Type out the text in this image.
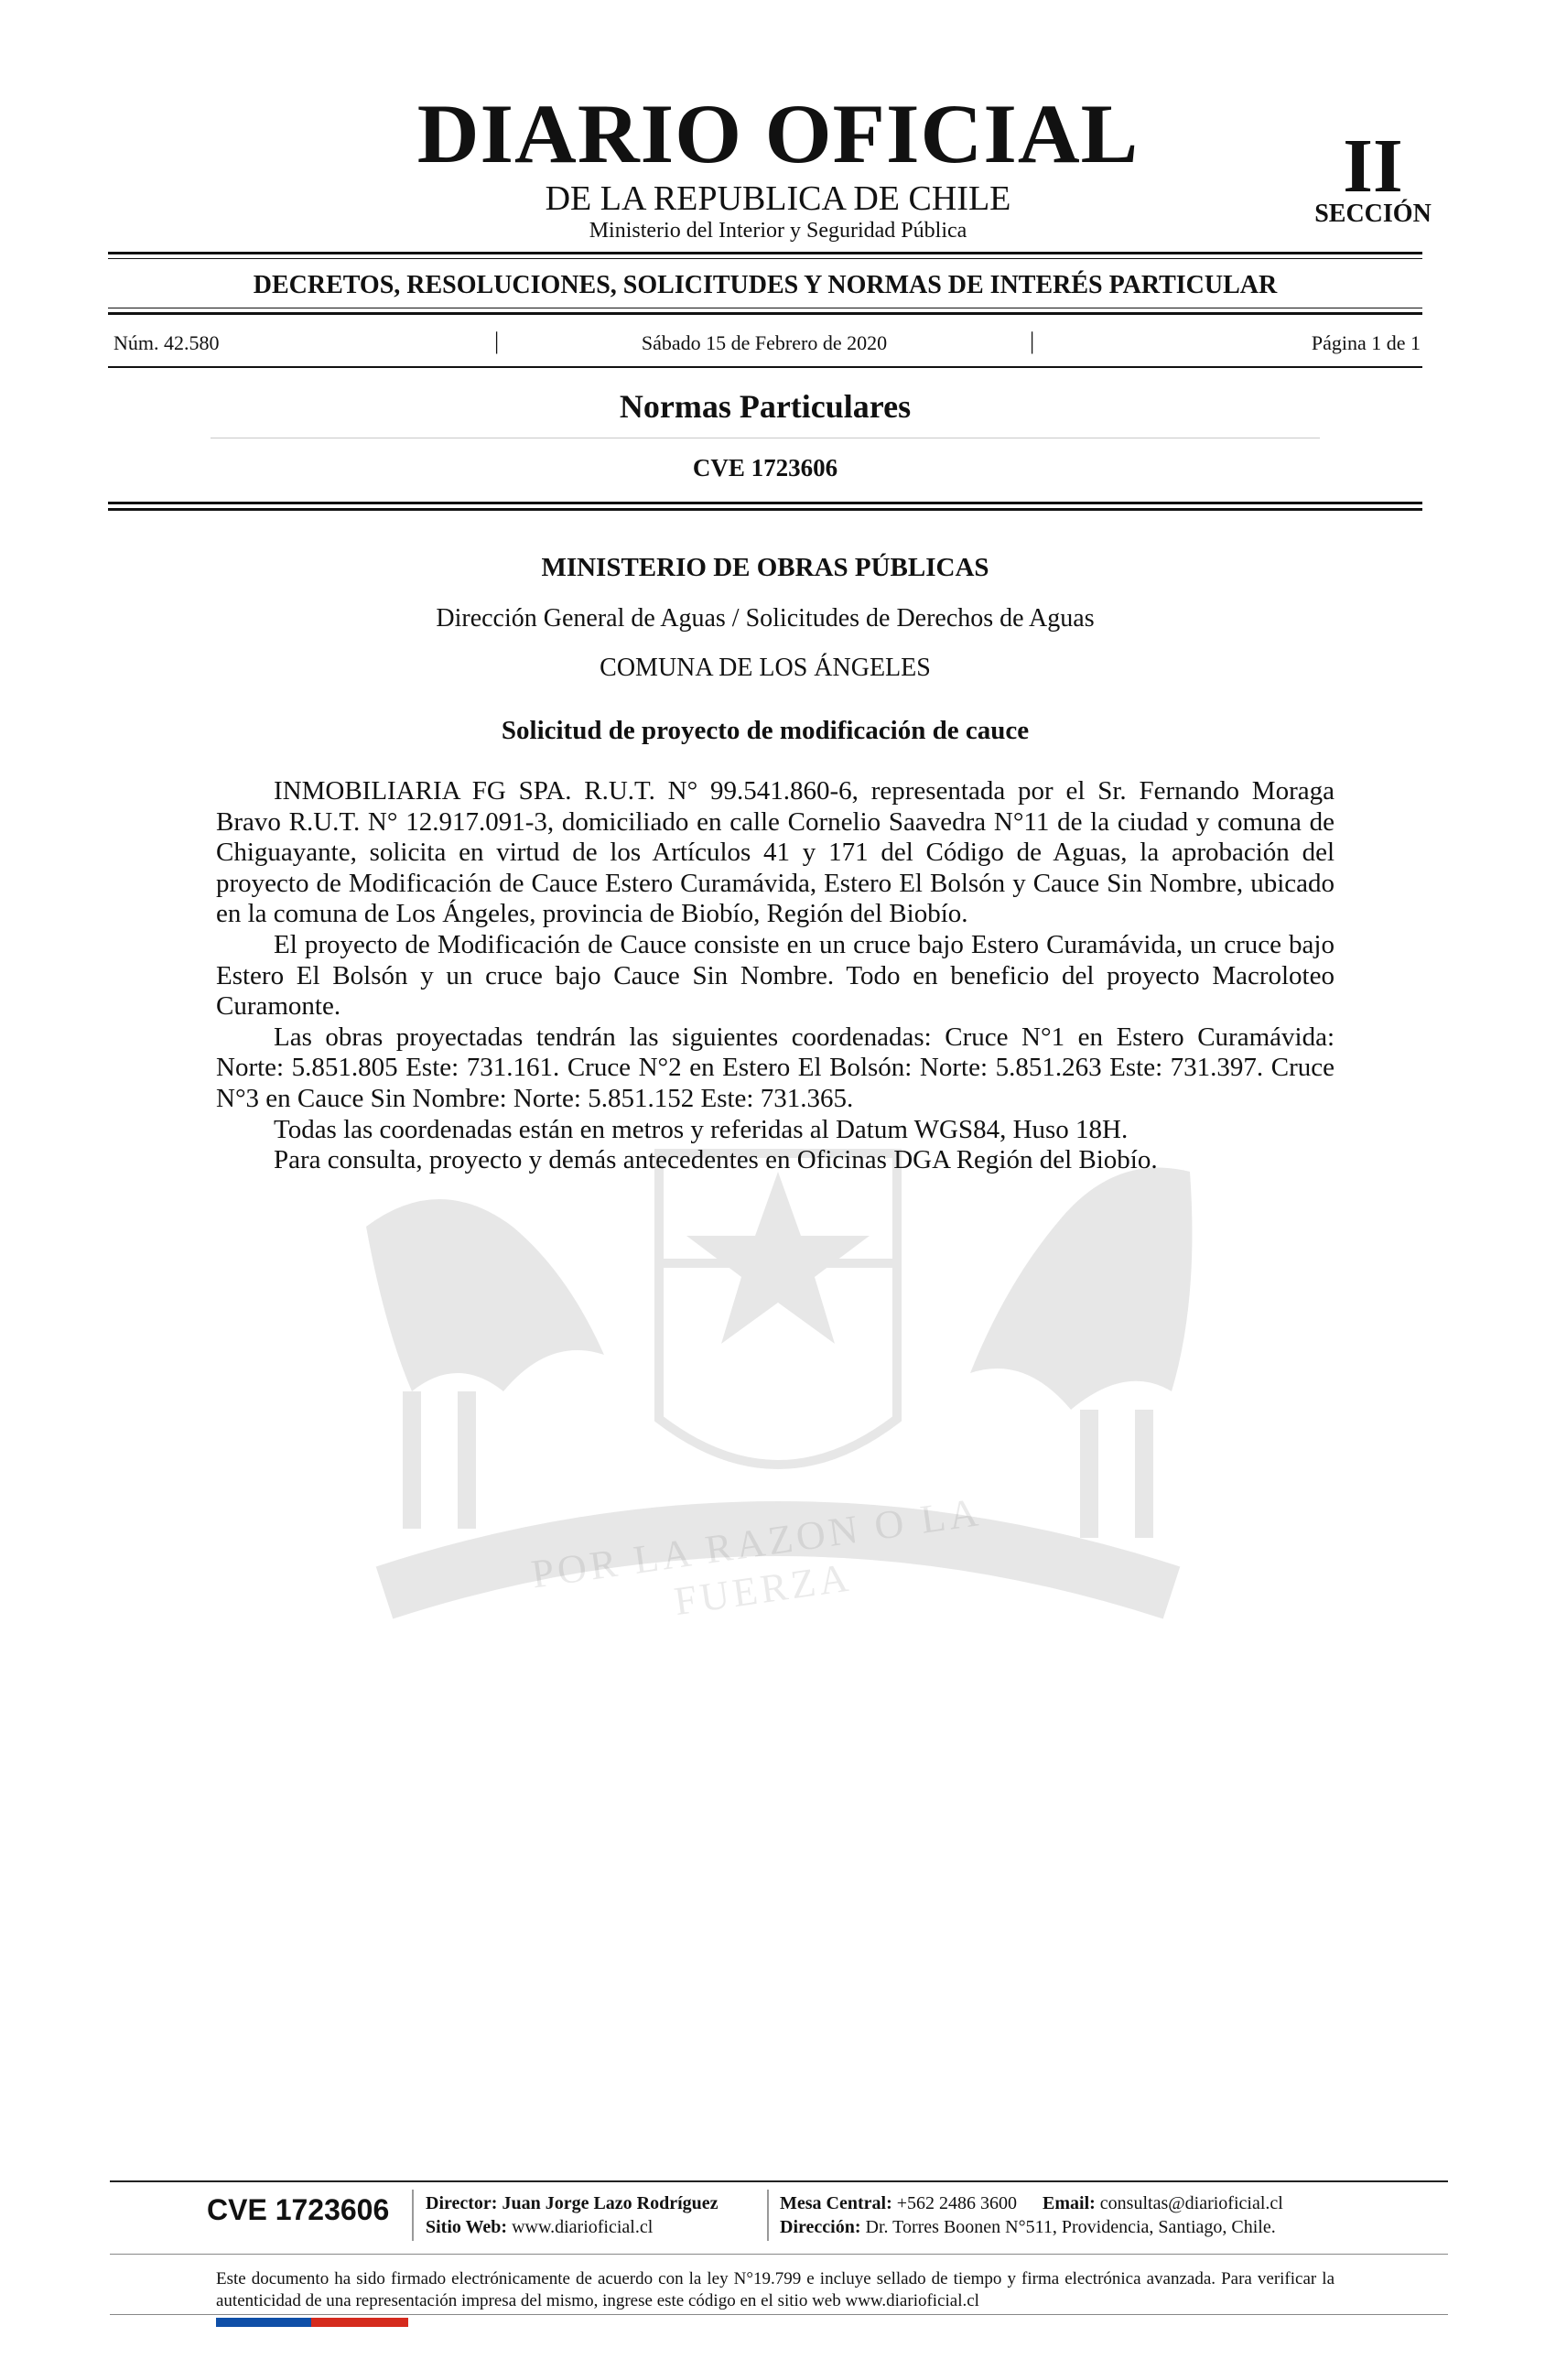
DIARIO OFICIAL
DE LA REPUBLICA DE CHILE
Ministerio del Interior y Seguridad Pública
II
SECCIÓN
DECRETOS, RESOLUCIONES, SOLICITUDES Y NORMAS DE INTERÉS PARTICULAR
Núm. 42.580	|	Sábado 15 de Febrero de 2020	|	Página 1 de 1
Normas Particulares
CVE 1723606
POR LA RAZON O LA FUERZA
MINISTERIO DE OBRAS PÚBLICAS
Dirección General de Aguas / Solicitudes de Derechos de Aguas
COMUNA DE LOS ÁNGELES
Solicitud de proyecto de modificación de cauce

INMOBILIARIA FG SPA. R.U.T. N° 99.541.860-6, representada por el Sr. Fernando Moraga Bravo R.U.T. N° 12.917.091-3, domiciliado en calle Cornelio Saavedra N°11 de la ciudad y comuna de Chiguayante, solicita en virtud de los Artículos 41 y 171 del Código de Aguas, la aprobación del proyecto de Modificación de Cauce Estero Curamávida, Estero El Bolsón y Cauce Sin Nombre, ubicado en la comuna de Los Ángeles, provincia de Biobío, Región del Biobío.

El proyecto de Modificación de Cauce consiste en un cruce bajo Estero Curamávida, un cruce bajo Estero El Bolsón y un cruce bajo Cauce Sin Nombre. Todo en beneficio del proyecto Macroloteo Curamonte.

Las obras proyectadas tendrán las siguientes coordenadas: Cruce N°1 en Estero Curamávida: Norte: 5.851.805 Este: 731.161. Cruce N°2 en Estero El Bolsón: Norte: 5.851.263 Este: 731.397. Cruce N°3 en Cauce Sin Nombre: Norte: 5.851.152 Este: 731.365.

Todas las coordenadas están en metros y referidas al Datum WGS84, Huso 18H.

Para consulta, proyecto y demás antecedentes en Oficinas DGA Región del Biobío.

CVE 1723606 Director: Juan Jorge Lazo Rodríguez
Sitio Web: www.diarioficial.cl
Mesa Central: +562 2486 3600 Email: consultas@diarioficial.cl
Dirección: Dr. Torres Boonen N°511, Providencia, Santiago, Chile.
Este documento ha sido firmado electrónicamente de acuerdo con la ley N°19.799 e incluye sellado de tiempo y firma electrónica avanzada. Para verificar la autenticidad de una representación impresa del mismo, ingrese este código en el sitio web www.diarioficial.cl
